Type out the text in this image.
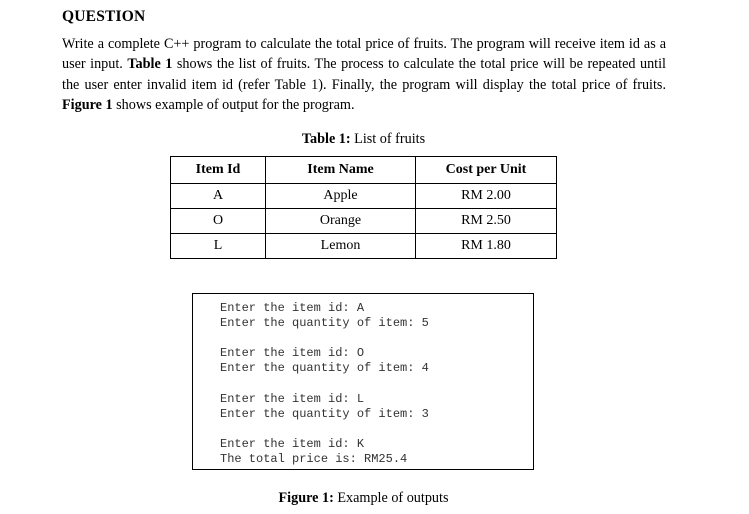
QUESTION
Write a complete C++ program to calculate the total price of fruits. The program will receive item id as a user input. Table 1 shows the list of fruits. The process to calculate the total price will be repeated until the user enter invalid item id (refer Table 1). Finally, the program will display the total price of fruits. Figure 1 shows example of output for the program.
Table 1: List of fruits
Item Id	Item Name	Cost per Unit
A	Apple	RM 2.00
O	Orange	RM 2.50
L	Lemon	RM 1.80
Enter the item id: A
Enter the quantity of item: 5
Enter the item id: O
Enter the quantity of item: 4
Enter the item id: L
Enter the quantity of item: 3
Enter the item id: K
The total price is: RM25.4
Figure 1: Example of outputs
